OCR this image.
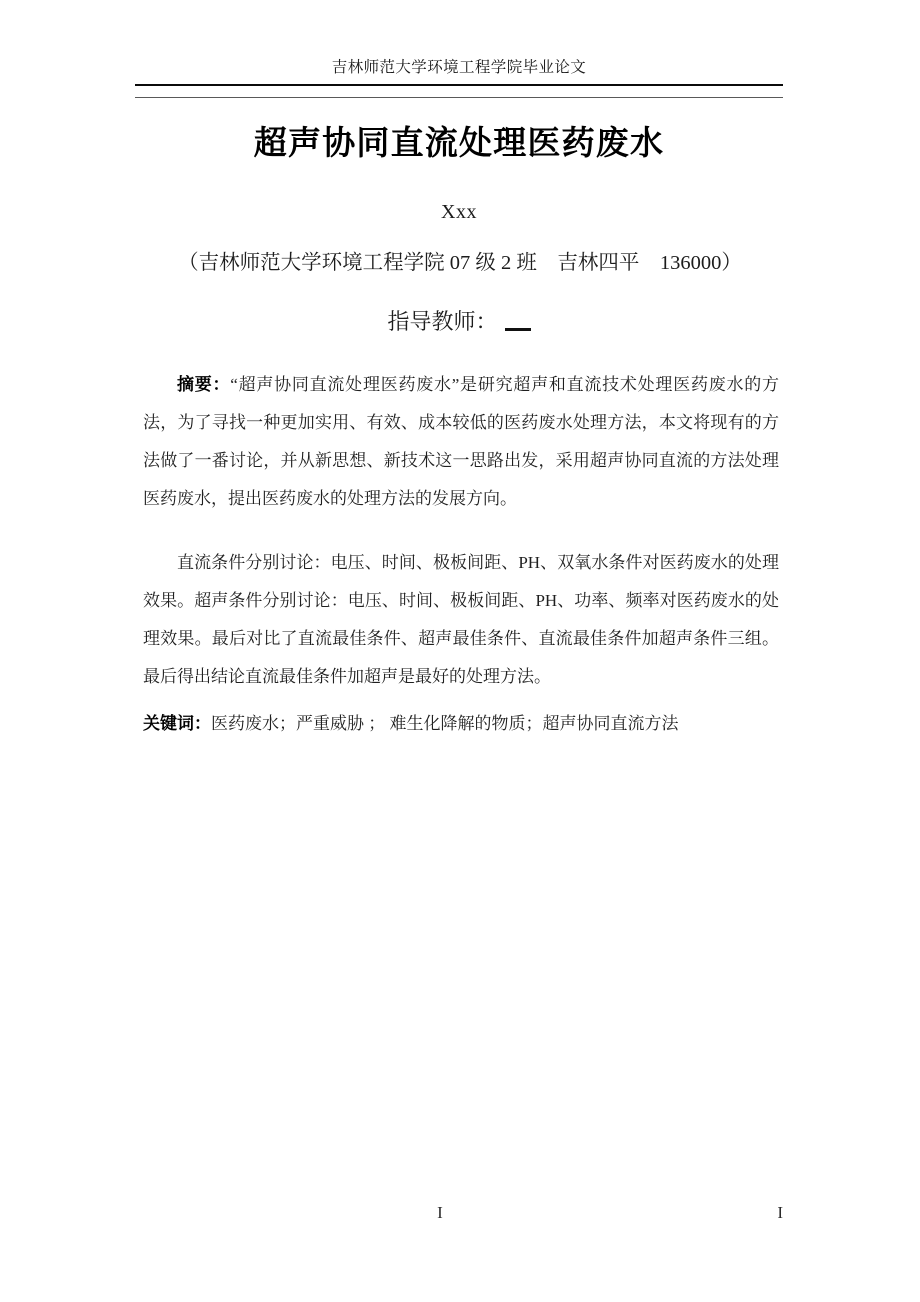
吉林师范大学环境工程学院毕业论文
超声协同直流处理医药废水
Xxx
（吉林师范大学环境工程学院 07 级 2 班　吉林四平　136000）
指导教师：

摘要：“超声协同直流处理医药废水”是研究超声和直流技术处理医药废水的方法，为了寻找一种更加实用、有效、成本较低的医药废水处理方法，本文将现有的方法做了一番讨论，并从新思想、新技术这一思路出发，采用超声协同直流的方法处理医药废水，提出医药废水的处理方法的发展方向。

直流条件分别讨论：电压、时间、极板间距、PH、双氧水条件对医药废水的处理效果。超声条件分别讨论：电压、时间、极板间距、PH、功率、频率对医药废水的处理效果。最后对比了直流最佳条件、超声最佳条件、直流最佳条件加超声条件三组。最后得出结论直流最佳条件加超声是最好的处理方法。

关键词：医药废水；严重威胁 ； 难生化降解的物质；超声协同直流方法

I	I
